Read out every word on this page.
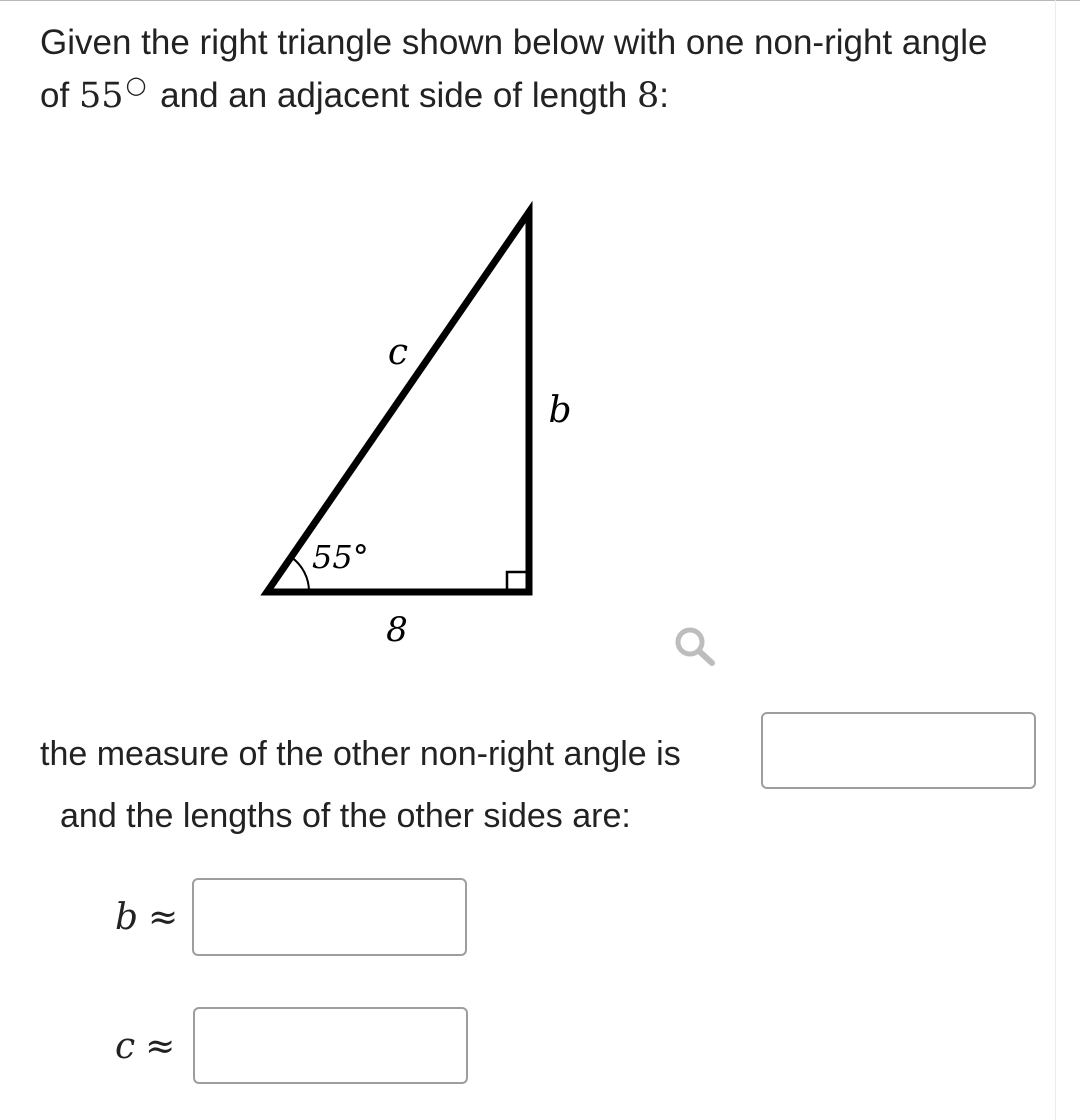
Given the right triangle shown below with one non-right angle of 55○ and an adjacent side of length 8:
c
b
55°
8
the measure of the other non-right angle is
and the lengths of the other sides are:
b ≈
c ≈
